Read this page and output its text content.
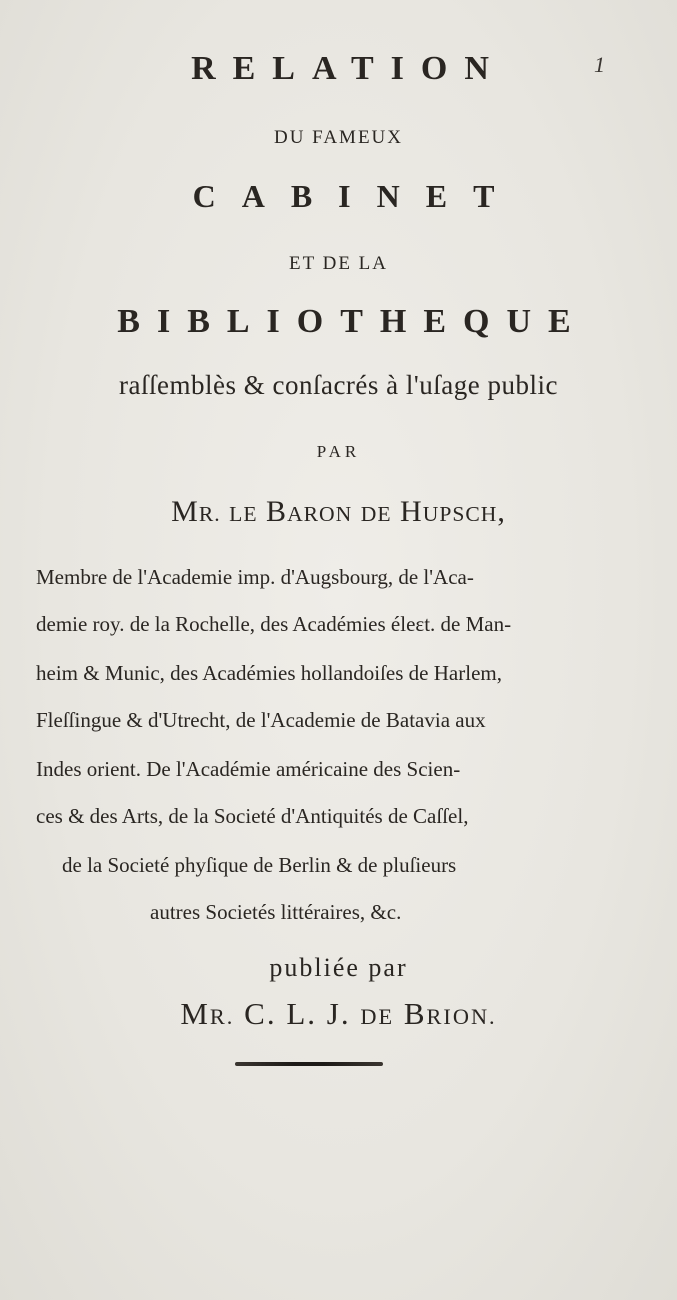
1
RELATION
DU FAMEUX
CABINET
ET DE LA
BIBLIOTHEQUE
raſſemblès & conſacrés à l'uſage public
PAR
MR. LE BARON DE HUPSCH,
Membre de l'Academie imp. d'Augsbourg, de l'Aca-
demie roy. de la Rochelle, des Académies éleɛt. de Man-
heim & Munic, des Académies hollandoiſes de Harlem,
Fleſſingue & d'Utrecht, de l'Academie de Batavia aux
Indes orient. De l'Académie américaine des Scien-
ces & des Arts, de la Societé d'Antiquités de Caſſel,
de la Societé phyſique de Berlin & de pluſieurs
autres Societés littéraires, &c.
publiée par
MR. C. L. J. DE BRION.
